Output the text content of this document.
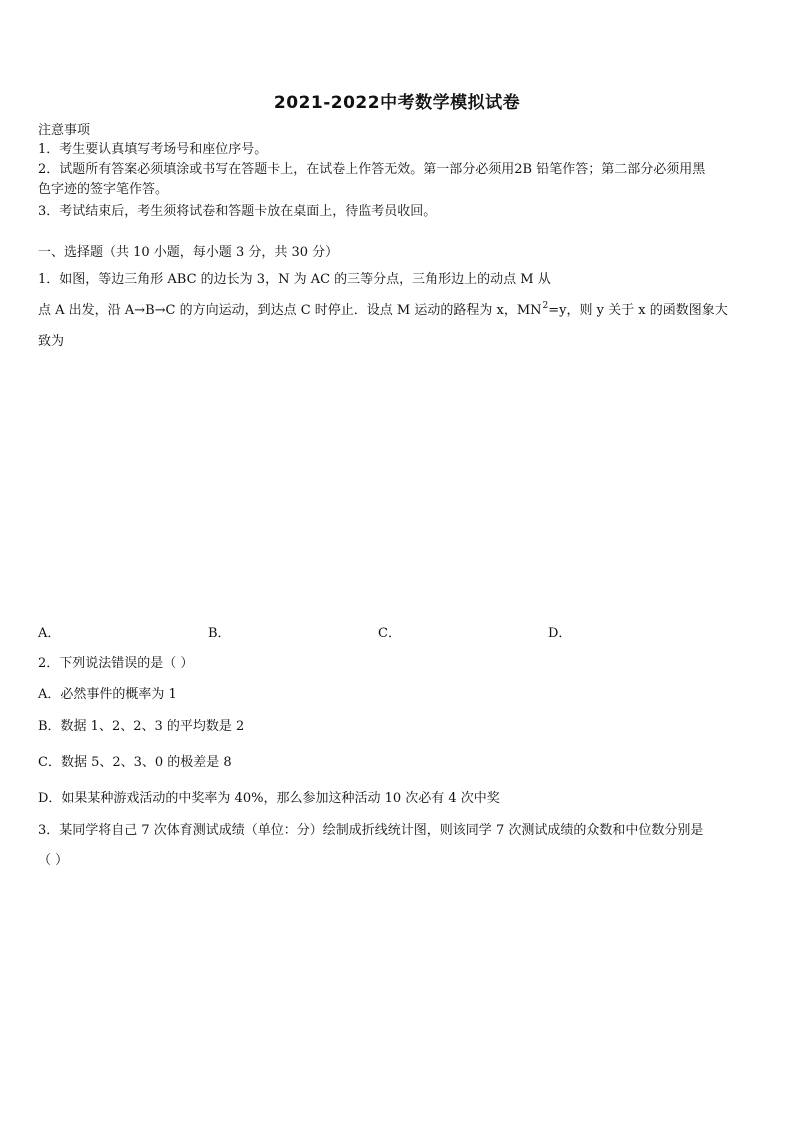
2021-2022中考数学模拟试卷
注意事项
1．考生要认真填写考场号和座位序号。
2．试题所有答案必须填涂或书写在答题卡上，在试卷上作答无效。第一部分必须用2B 铅笔作答；第二部分必须用黑
色字迹的签字笔作答。
3．考试结束后，考生须将试卷和答题卡放在桌面上，待监考员收回。
一、选择题（共 10 小题，每小题 3 分，共 30 分）
1．如图，等边三角形 ABC 的边长为 3，N 为 AC 的三等分点，三角形边上的动点 M 从
点 A 出发，沿 A→B→C 的方向运动，到达点 C 时停止．设点 M 运动的路程为 x，$MN^2=y$，则 y 关于 x 的函数图象大
致为
A．	B．	C．	D．
2．下列说法错误的是（ ）
A．必然事件的概率为 1
B．数据 1、2、2、3 的平均数是 2
C．数据 5、2、3、0 的极差是 8
D．如果某种游戏活动的中奖率为 40%，那么参加这种活动 10 次必有 4 次中奖
3．某同学将自己 7 次体育测试成绩（单位：分）绘制成折线统计图，则该同学 7 次测试成绩的众数和中位数分别是
（ ）
